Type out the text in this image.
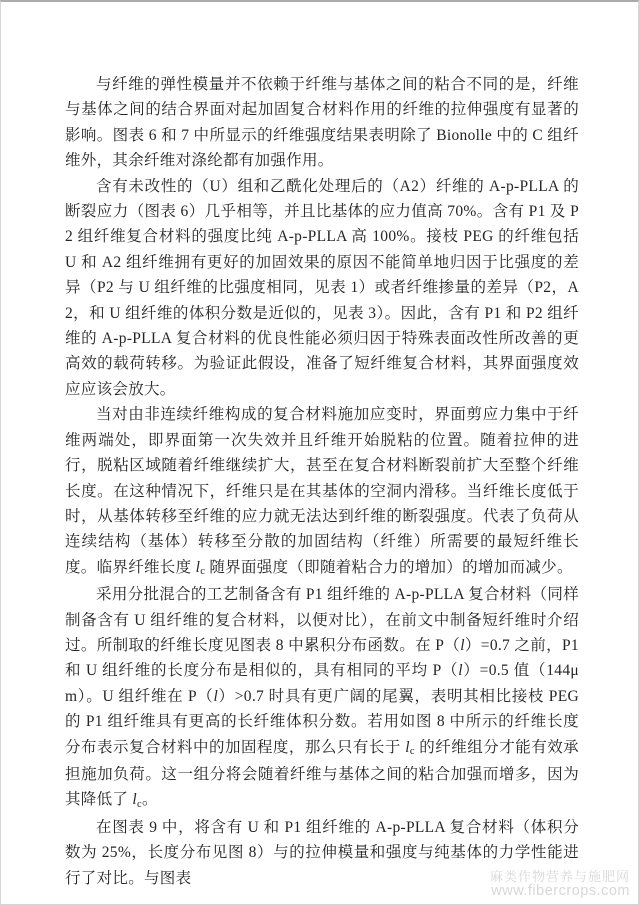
与纤维的弹性模量并不依赖于纤维与基体之间的粘合不同的是，纤维与基体之间的结合界面对起加固复合材料作用的纤维的拉伸强度有显著的影响。图表 6 和 7 中所显示的纤维强度结果表明除了 Bionolle 中的 C 组纤维外，其余纤维对涤纶都有加强作用。

含有未改性的（U）组和乙酰化处理后的（A2）纤维的 A-p-PLLA 的断裂应力（图表 6）几乎相等，并且比基体的应力值高 70%。含有 P1 及 P2 组纤维复合材料的强度比纯 A-p-PLLA 高 100%。接枝 PEG 的纤维包括 U 和 A2 组纤维拥有更好的加固效果的原因不能简单地归因于比强度的差异（P2 与 U 组纤维的比强度相同，见表 1）或者纤维掺量的差异（P2，A2，和 U 组纤维的体积分数是近似的，见表 3）。因此，含有 P1 和 P2 组纤维的 A-p-PLLA 复合材料的优良性能必须归因于特殊表面改性所改善的更高效的载荷转移。为验证此假设，准备了短纤维复合材料，其界面强度效应应该会放大。

当对由非连续纤维构成的复合材料施加应变时，界面剪应力集中于纤维两端处，即界面第一次失效并且纤维开始脱粘的位置。随着拉伸的进行，脱粘区域随着纤维继续扩大，甚至在复合材料断裂前扩大至整个纤维长度。在这种情况下，纤维只是在其基体的空洞内滑移。当纤维长度低于时，从基体转移至纤维的应力就无法达到纤维的断裂强度。代表了负荷从连续结构（基体）转移至分散的加固结构（纤维）所需要的最短纤维长度。临界纤维长度 $l_c$ 随界面强度（即随着粘合力的增加）的增加而减少。

采用分批混合的工艺制备含有 P1 组纤维的 A-p-PLLA 复合材料（同样制备含有 U 组纤维的复合材料，以便对比），在前文中制备短纤维时介绍过。所制取的纤维长度见图表 8 中累积分布函数。在 P（l）=0.7 之前，P1 和 U 组纤维的长度分布是相似的，具有相同的平均 P（l）=0.5 值（144μm）。U 组纤维在 P（l）>0.7 时具有更广阔的尾翼，表明其相比接枝 PEG 的 P1 组纤维具有更高的长纤维体积分数。若用如图 8 中所示的纤维长度分布表示复合材料中的加固程度，那么只有长于 $l_c$ 的纤维组分才能有效承担施加负荷。这一组分将会随着纤维与基体之间的粘合加强而增多，因为其降低了 $l_c$。

在图表 9 中，将含有 U 和 P1 组纤维的 A-p-PLLA 复合材料（体积分数为 25%，长度分布见图 8）与的拉伸模量和强度与纯基体的力学性能进行了对比。与图表	麻类作物营养与施肥网
www.fibercrops.com
